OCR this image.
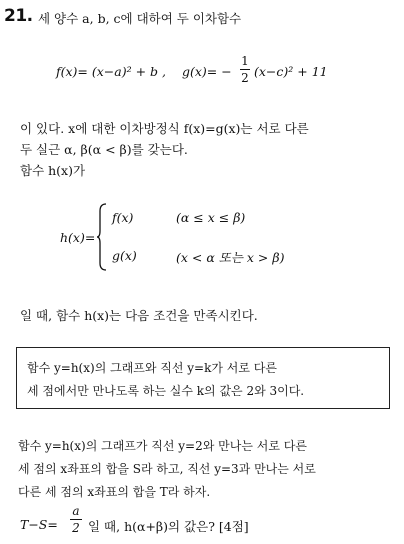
21. 세 양수 a, b, c에 대하여 두 이차함수
f(x)= (x−a)² + b , g(x)= −
1
2 (x−c)² + 11
이 있다. x에 대한 이차방정식 f(x)=g(x)는 서로 다른
두 실근 α, β(α < β)를 갖는다.
함수 h(x)가
h(x)=
f(x)	(α ≤ x ≤ β)
g(x)	(x < α 또는 x > β)
일 때, 함수 h(x)는 다음 조건을 만족시킨다.
함수 y=h(x)의 그래프와 직선 y=k가 서로 다른
세 점에서만 만나도록 하는 실수 k의 값은 2와 3이다.
함수 y=h(x)의 그래프가 직선 y=2와 만나는 서로 다른
세 점의 x좌표의 합을 S라 하고, 직선 y=3과 만나는 서로
다른 세 점의 x좌표의 합을 T라 하자.
T−S=
a
2 일 때, h(α+β)의 값은? [4점]
